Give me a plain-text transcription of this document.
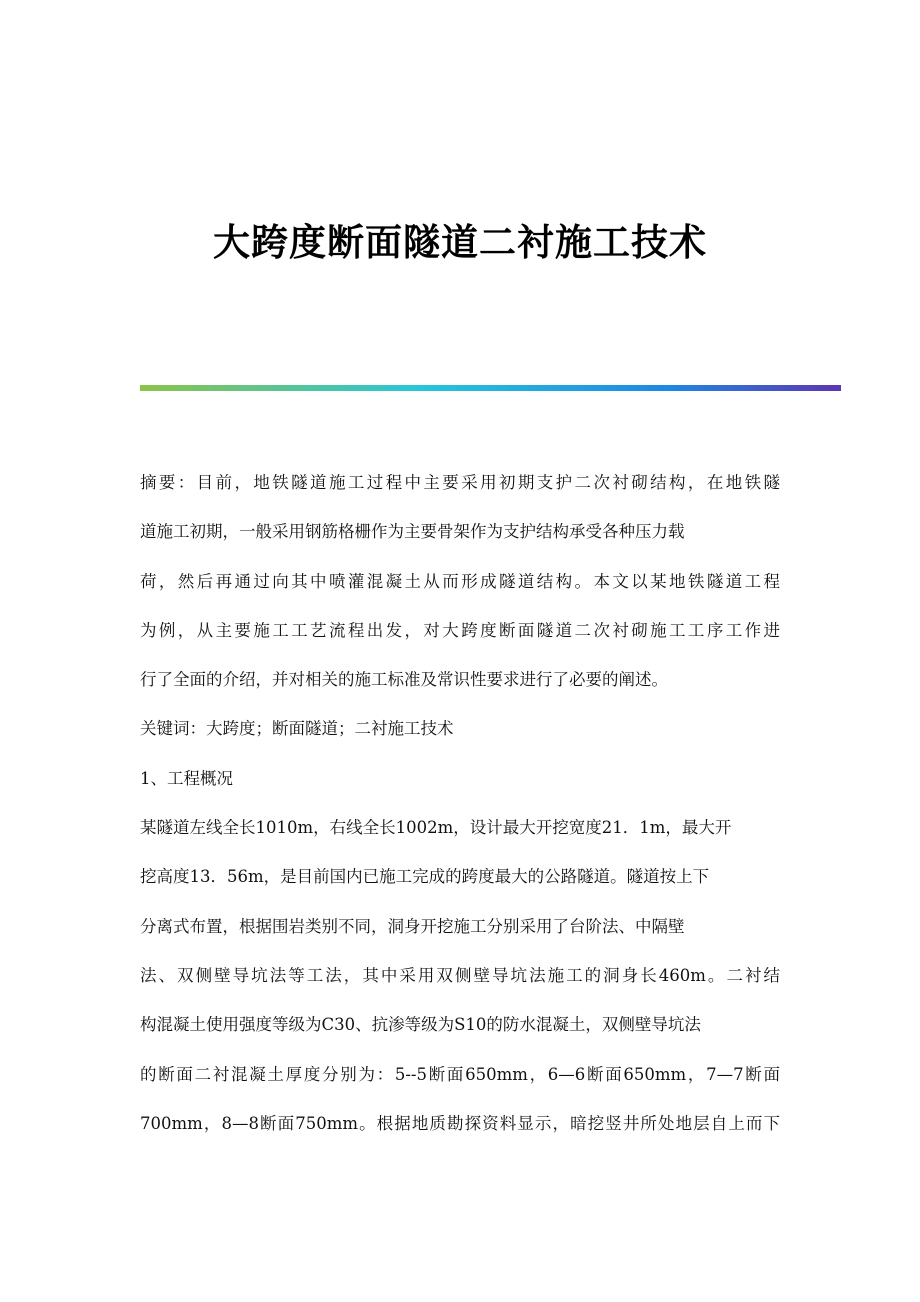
大跨度断面隧道二衬施工技术
摘要：目前，地铁隧道施工过程中主要采用初期支护二次衬砌结构，在地铁隧
道施工初期，一般采用钢筋格栅作为主要骨架作为支护结构承受各种压力载
荷，然后再通过向其中喷灌混凝土从而形成隧道结构。本文以某地铁隧道工程
为例，从主要施工工艺流程出发，对大跨度断面隧道二次衬砌施工工序工作进
行了全面的介绍，并对相关的施工标准及常识性要求进行了必要的阐述。
关键词：大跨度；断面隧道；二衬施工技术
1、工程概况
某隧道左线全长1010m，右线全长1002m，设计最大开挖宽度21．1m，最大开
挖高度13．56m，是目前国内已施工完成的跨度最大的公路隧道。隧道按上下
分离式布置，根据围岩类别不同，洞身开挖施工分别采用了台阶法、中隔壁
法、双侧壁导坑法等工法，其中采用双侧壁导坑法施工的洞身长460m。二衬结
构混凝土使用强度等级为C30、抗渗等级为S10的防水混凝土，双侧壁导坑法
的断面二衬混凝土厚度分别为：5--5断面650mm，6—6断面650mm，7—7断面
700mm，8—8断面750mm。根据地质勘探资料显示，暗挖竖井所处地层自上而下
